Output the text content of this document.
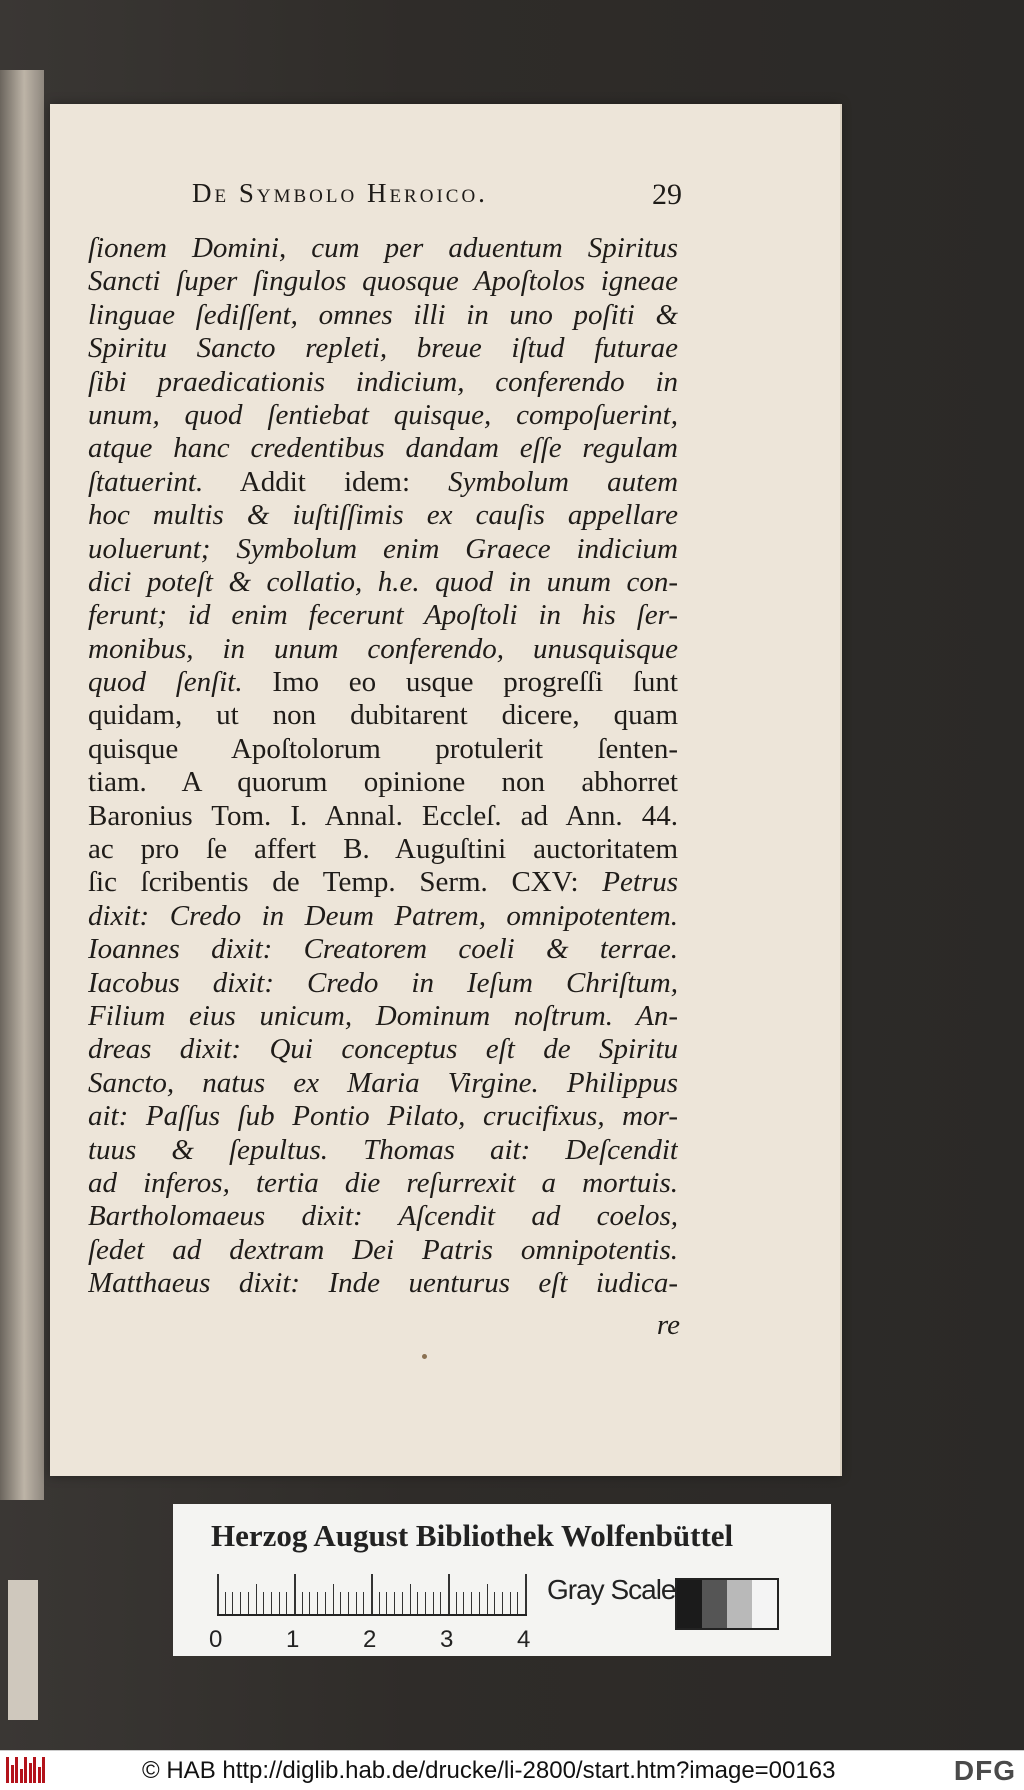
De Symbolo Heroico.	29
ſionem Domini, cum per aduentum Spiritus
Sancti ſuper ſingulos quosque Apoſtolos igneae
linguae ſediſſent, omnes illi in uno poſiti &
Spiritu Sancto repleti, breue iſtud futurae
ſibi praedicationis indicium, conferendo in
unum, quod ſentiebat quisque, compoſuerint,
atque hanc credentibus dandam eſſe regulam
ſtatuerint. Addit idem: Symbolum autem
hoc multis & iuſtiſſimis ex cauſis appellare
uoluerunt; Symbolum enim Graece indicium
dici poteſt & collatio, h.e. quod in unum con-
ferunt; id enim fecerunt Apoſtoli in his ſer-
monibus, in unum conferendo, unusquisque
quod ſenſit. Imo eo usque progreſſi ſunt
quidam, ut non dubitarent dicere, quam
quisque Apoſtolorum protulerit ſenten-
tiam. A quorum opinione non abhorret
Baronius Tom. I. Annal. Eccleſ. ad Ann. 44.
ac pro ſe affert B. Auguſtini auctoritatem
ſic ſcribentis de Temp. Serm. CXV: Petrus
dixit: Credo in Deum Patrem, omnipotentem.
Ioannes dixit: Creatorem coeli & terrae.
Iacobus dixit: Credo in Ieſum Chriſtum,
Filium eius unicum, Dominum noſtrum. An-
dreas dixit: Qui conceptus eſt de Spiritu
Sancto, natus ex Maria Virgine. Philippus
ait: Paſſus ſub Pontio Pilato, crucifixus, mor-
tuus & ſepultus. Thomas ait: Deſcendit
ad inferos, tertia die reſurrexit a mortuis.
Bartholomaeus dixit: Aſcendit ad coelos,
ſedet ad dextram Dei Patris omnipotentis.
Matthaeus dixit: Inde uenturus eſt iudica-
re
Herzog August Bibliothek Wolfenbüttel
0	1	2	3	4
Gray Scale
© HAB http://diglib.hab.de/drucke/li-2800/start.htm?image=00163	DFG
